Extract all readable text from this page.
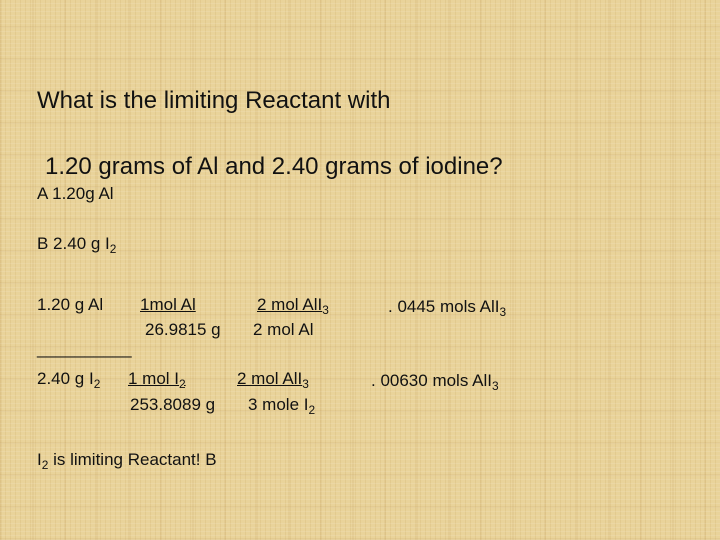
What is the limiting Reactant with
1.20 grams of Al and 2.40 grams of iodine?
A 1.20g Al
B 2.40 g $I_2$
1.20 g Al 1mol Al
26.9815 g
2 mol AlI$_3$
2 mol Al
. 0445 mols AlI$_3$
__________
2.40 g $I_2$ 1 mol $I_2$
253.8089 g
2 mol AlI$_3$
3 mole $I_2$
. 00630 mols AlI$_3$
$I_2$ is limiting Reactant! B
